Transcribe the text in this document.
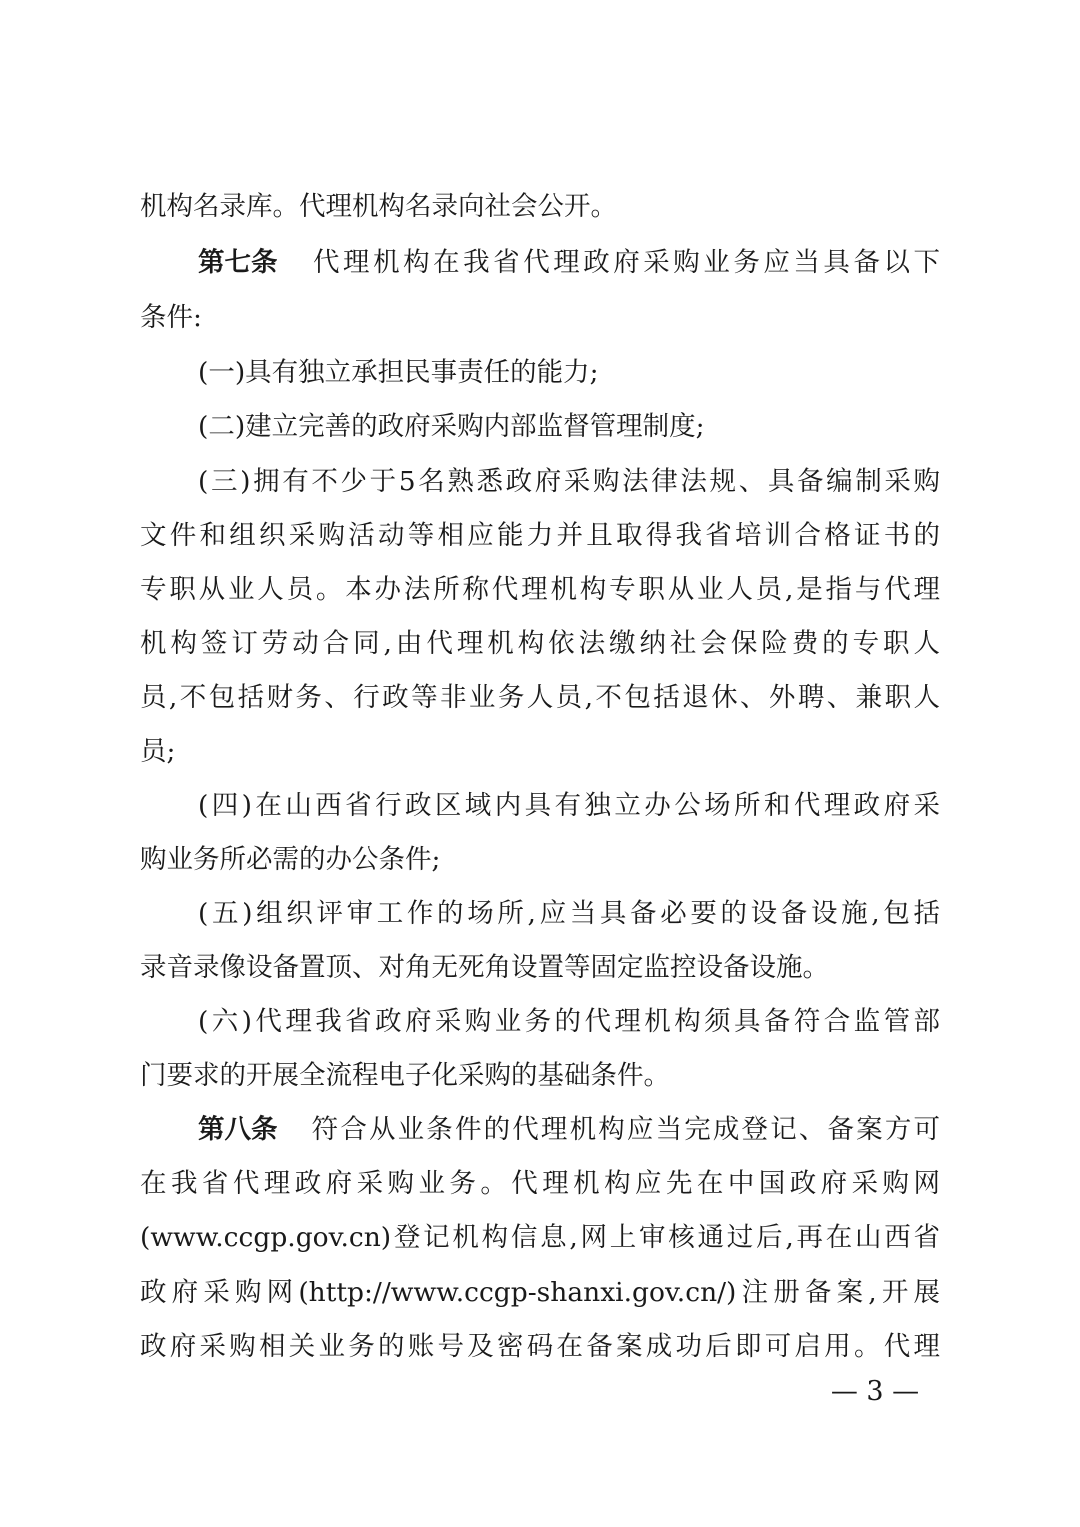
机构名录库。代理机构名录向社会公开。
第七条 代理机构在我省代理政府采购业务应当具备以下
条件:
(一)具有独立承担民事责任的能力;
(二)建立完善的政府采购内部监督管理制度;
(三)拥有不少于5名熟悉政府采购法律法规、具备编制采购
文件和组织采购活动等相应能力并且取得我省培训合格证书的
专职从业人员。本办法所称代理机构专职从业人员,是指与代理
机构签订劳动合同,由代理机构依法缴纳社会保险费的专职人
员,不包括财务、行政等非业务人员,不包括退休、外聘、兼职人
员;
(四)在山西省行政区域内具有独立办公场所和代理政府采
购业务所必需的办公条件;
(五)组织评审工作的场所,应当具备必要的设备设施,包括
录音录像设备置顶、对角无死角设置等固定监控设备设施。
(六)代理我省政府采购业务的代理机构须具备符合监管部
门要求的开展全流程电子化采购的基础条件。
第八条 符合从业条件的代理机构应当完成登记、备案方可
在我省代理政府采购业务。代理机构应先在中国政府采购网
(www.ccgp.gov.cn)登记机构信息,网上审核通过后,再在山西省
政府采购网(http://www.ccgp-shanxi.gov.cn/)注册备案,开展
政府采购相关业务的账号及密码在备案成功后即可启用。代理
— 3 —
